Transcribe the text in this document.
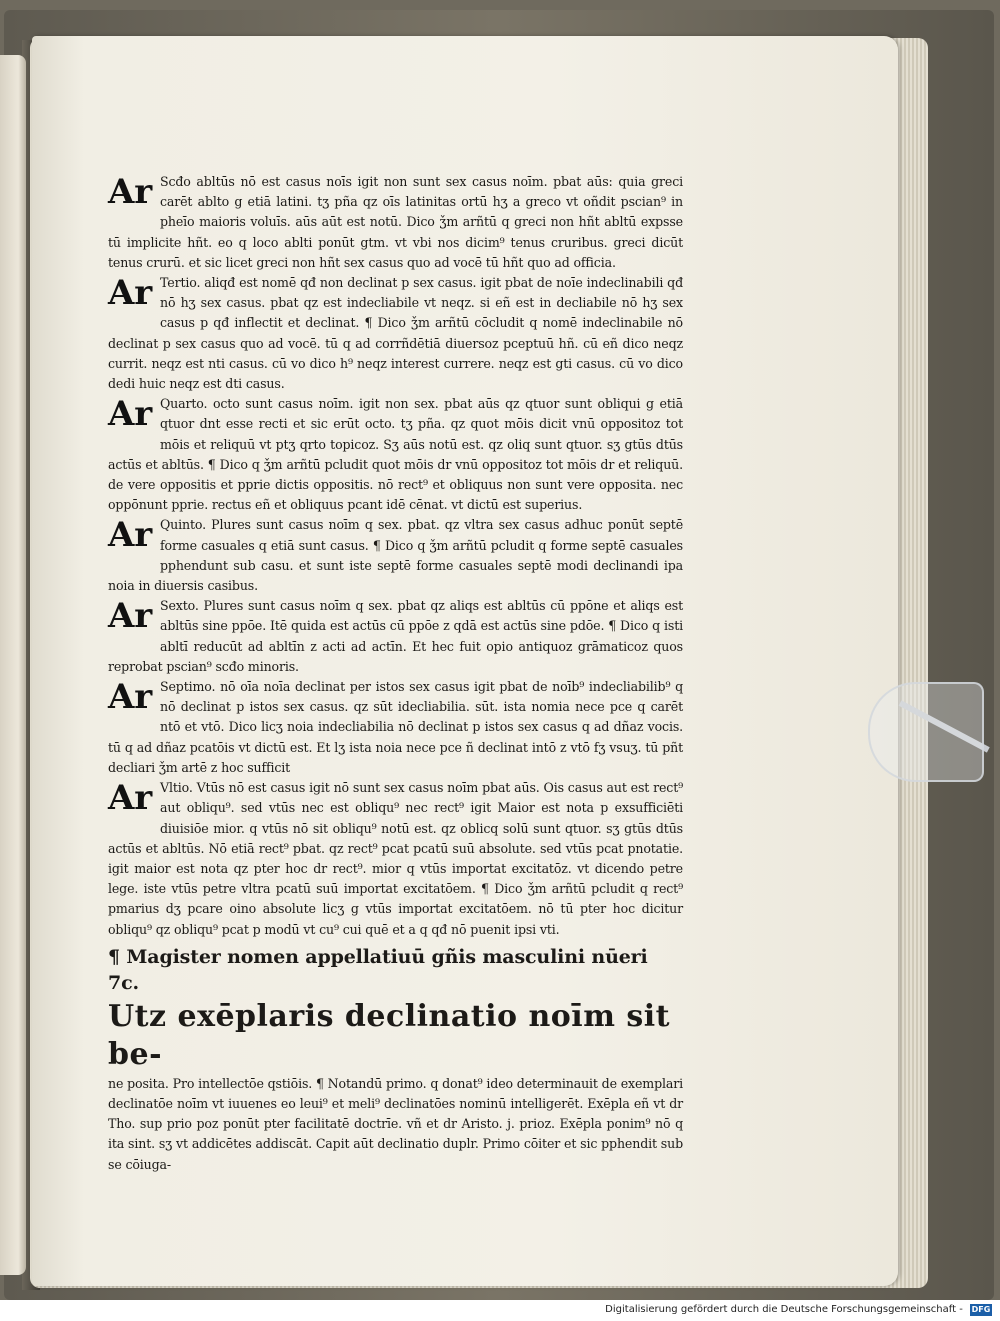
Ar Scđo abltūs nō est casus noīs igit non sunt sex casus noīm. pbat aūs: quia greci carēt ablto g etiā latini. tʒ pña qz oīs latinitas ortū hʒ a greco vt oñdit pscian⁹ in pheīo maioris voluīs. aūs aūt est notū. Dico ǯm arñtū q greci non hñt abltū expsse tū implicite hñt. eo q loco ablti ponūt gtm. vt vbi nos dicim⁹ tenus cruribus. greci dicūt tenus crurū. et sic licet greci non hñt sex casus quo ad vocē tū hñt quo ad officia.

Ar Tertio. aliqđ est nomē qđ non declinat p sex casus. igit pbat de noīe indeclinabili qđ nō hʒ sex casus. pbat qz est indecliabile vt neqz. si eñ est in decliabile nō hʒ sex casus p qđ inflectit et declinat. ¶ Dico ǯm arñtū cōcludit q nomē indeclinabile nō declinat p sex casus quo ad vocē. tū q ad corrñdētiā diuersoz pceptuū hñ. cū eñ dico neqz currit. neqz est nti casus. cū vo dico h⁹ neqz interest currere. neqz est gti casus. cū vo dico dedi huic neqz est dti casus.

Ar Quarto. octo sunt casus noīm. igit non sex. pbat aūs qz qtuor sunt obliqui g etiā qtuor dnt esse recti et sic erūt octo. tʒ pña. qz quot mōis dicit vnū oppositoz tot mōis et reliquū vt ptʒ qrto topicoz. Sʒ aūs notū est. qz oliq sunt qtuor. sʒ gtūs dtūs actūs et abltūs. ¶ Dico q ǯm arñtū pcludit quot mōis dr vnū oppositoz tot mōis dr et reliquū. de vere oppositis et pprie dictis oppositis. nō rect⁹ et obliquus non sunt vere opposita. nec oppōnunt pprie. rectus eñ et obliquus pcant idē cēnat. vt dictū est superius.

Ar Quinto. Plures sunt casus noīm q sex. pbat. qz vltra sex casus adhuc ponūt septē forme casuales q etiā sunt casus. ¶ Dico q ǯm arñtū pcludit q forme septē casuales pphendunt sub casu. et sunt iste septē forme casuales septē modi declinandi ipa noia in diuersis casibus.

Ar Sexto. Plures sunt casus noīm q sex. pbat qz aliqs est abltūs cū ppōne et aliqs est abltūs sine ppōe. Itē quida est actūs cū ppōe z qdā est actūs sine pdōe. ¶ Dico q isti abltī reducūt ad abltīn z acti ad actīn. Et hec fuit opio antiquoz grāmaticoz quos reprobat pscian⁹ scđo minoris.

Ar Septimo. nō oīa noīa declinat per istos sex casus igit pbat de noīb⁹ indecliabilib⁹ q nō declinat p istos sex casus. qz sūt idecliabilia. sūt. ista nomia nece pce q carēt ntō et vtō. Dico licʒ noia indecliabilia nō declinat p istos sex casus q ad dñaz vocis. tū q ad dñaz pcatōis vt dictū est. Et lʒ ista noia nece pce ñ declinat intō z vtō fʒ vsuʒ. tū pñt decliari ǯm artē z hoc sufficit

Ar Vltio. Vtūs nō est casus igit nō sunt sex casus noīm pbat aūs. Ois casus aut est rect⁹ aut obliqu⁹. sed vtūs nec est obliqu⁹ nec rect⁹ igit Maior est nota p exsufficiēti diuisiōe mior. q vtūs nō sit obliqu⁹ notū est. qz oblicq solū sunt qtuor. sʒ gtūs dtūs actūs et abltūs. Nō etiā rect⁹ pbat. qz rect⁹ pcat pcatū suū absolute. sed vtūs pcat pnotatie. igit maior est nota qz pter hoc dr rect⁹. mior q vtūs importat excitatōz. vt dicendo petre lege. iste vtūs petre vltra pcatū suū importat excitatōem. ¶ Dico ǯm arñtū pcludit q rect⁹ pmarius dʒ pcare oino absolute licʒ g vtūs importat excitatōem. nō tū pter hoc dicitur obliqu⁹ qz obliqu⁹ pcat p modū vt cu⁹ cui quē et a q qđ nō puenit ipsi vti.

¶ Magister nomen appellatiuū gñis masculini nūeri 7c.
Utz exēplaris declinatio noīm sit be-

ne posita. Pro intellectōe qstiōis. ¶ Notandū primo. q donat⁹ ideo determinauit de exemplari declinatōe noīm vt iuuenes eo leui⁹ et meli⁹ declinatōes nominū intelligerēt. Exēpla eñ vt dr Tho. sup prio poz ponūt pter facilitatē doctrīe. vñ et dr Aristo. j. prioz. Exēpla ponim⁹ nō q ita sint. sʒ vt addicētes addiscāt. Capit aūt declinatio duplr. Primo cōiter et sic pphendit sub se cōiuga-

Digitalisierung gefördert durch die Deutsche Forschungsgemeinschaft - DFG
